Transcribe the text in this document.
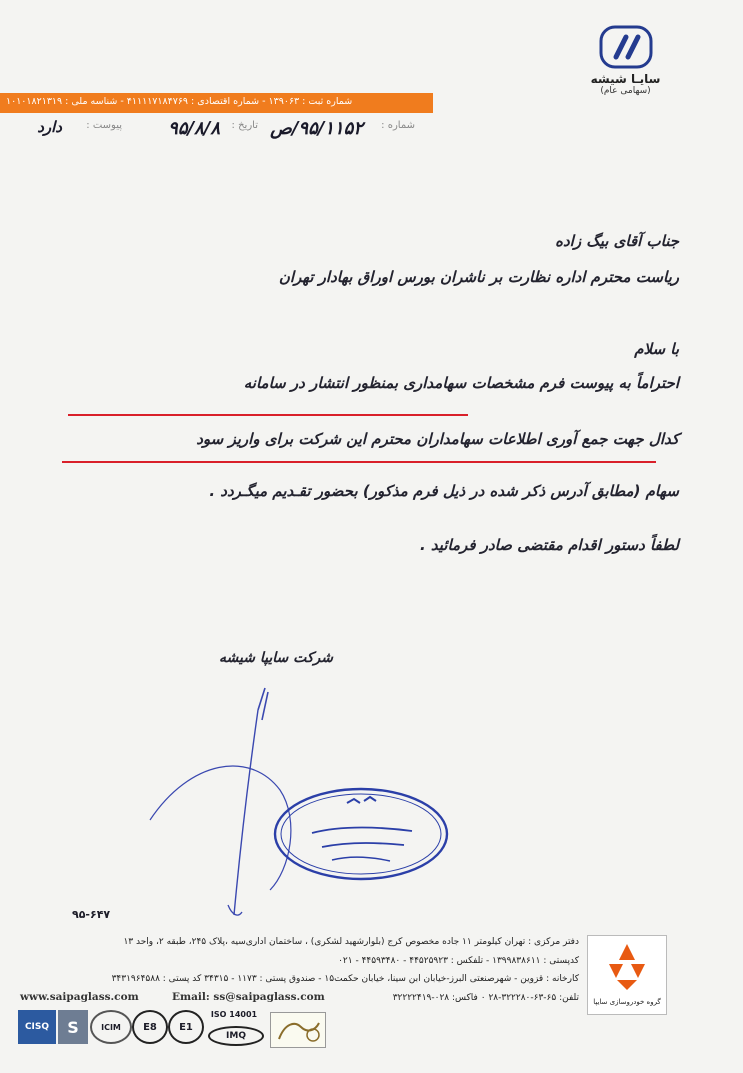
سایـا شیشه
(سهامی عام)
شماره ثبت : ۱۳۹۰۶۳ - شماره اقتصادی : ۴۱۱۱۱۷۱۸۴۷۶۹ - شناسه ملی : ۱۰۱۰۱۸۲۱۳۱۹
شماره :
۹۵/۱۱۵۲/ص
تاریخ :
۹۵/۸/۸
پیوست :
دارد
جناب آقای بیگ زاده
ریاست محترم اداره نظارت بر ناشران بورس اوراق بهادار تهران
با سلام
احتراماً به پیوست فرم مشخصات سهامداری بمنظور انتشار در سامانه
کدال جهت جمع آوری اطلاعات سهامداران محترم این شرکت برای واریز سود
سهام (مطابق آدرس ذکر شده در ذیل فرم مذکور) بحضور تقـدیم میگـردد .
لطفاً دستور اقدام مقتضی صادر فرمائید .
شرکت سایپا شیشه
۹۵-۶۴۷
دفتر مرکزی : تهران کیلومتر ۱۱ جاده مخصوص کرج (بلوارشهید لشکری) ، ساختمان اداری‌سیه ،پلاک ۲۴۵، طبقه ۲، واحد ۱۳
کدپستی : ۱۳۹۹۸۳۸۶۱۱ - تلفکس : ۴۴۵۲۵۹۲۳ - ۴۴۵۹۳۴۸۰ - ۰۲۱
کارخانه : قزوین - شهرصنعتی البرز-خیابان ابن سینا، خیابان حکمت۱۵ - صندوق پستی : ۱۱۷۳ - ۳۴۳۱۵ کد پستی : ۳۴۳۱۹۶۴۵۸۸
تلفن: ۶۵-۶۳-۳۲۲۲۸۰-۲۸ ۰ فاکس: ۰۲۸-۳۲۲۲۲۴۱۹
www.saipaglass.com	Email: ss@saipaglass.com	گروه خودروسازی سایپا
CISQ	S	ICIM	E8	E1
ISO 14001
IMQ
